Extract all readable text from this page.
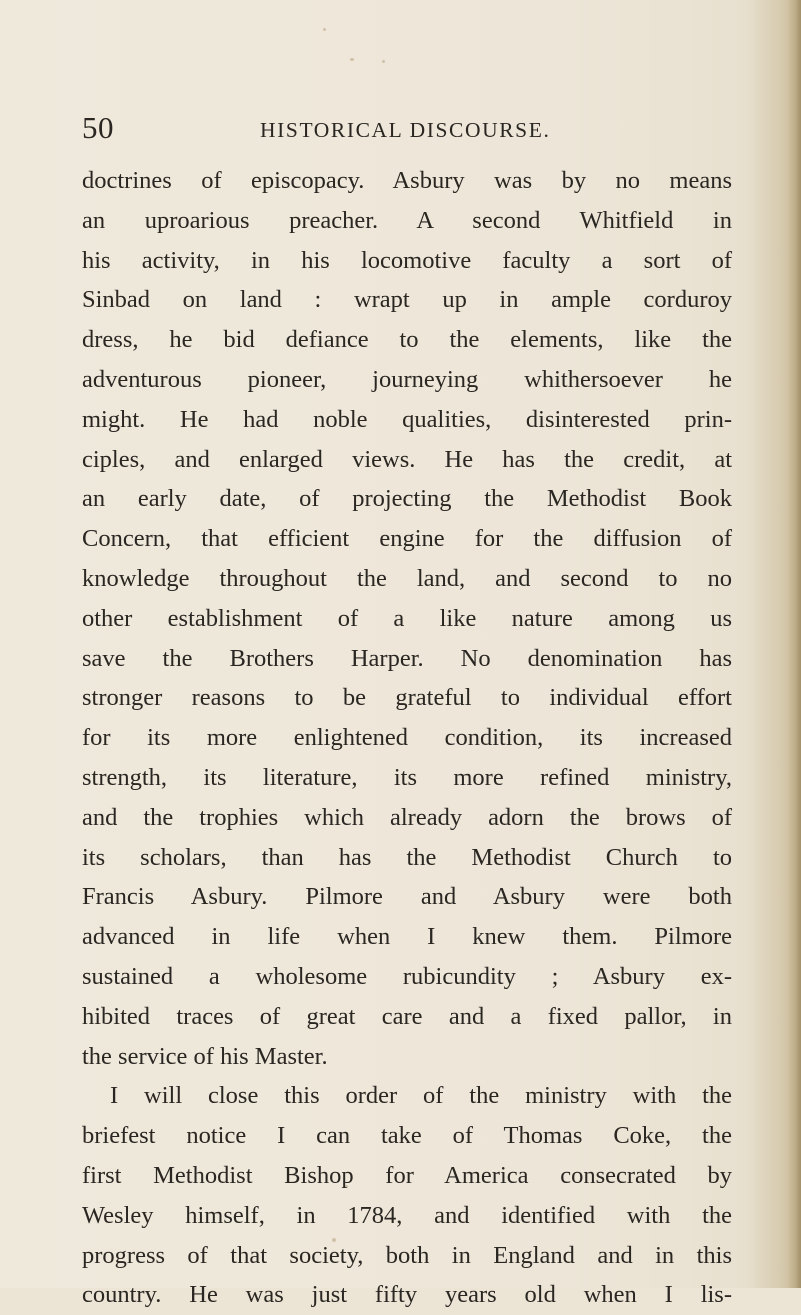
50	HISTORICAL DISCOURSE.
doctrines of episcopacy. Asbury was by no means
an uproarious preacher. A second Whitfield in
his activity, in his locomotive faculty a sort of
Sinbad on land : wrapt up in ample corduroy
dress, he bid defiance to the elements, like the
adventurous pioneer, journeying whithersoever he
might. He had noble qualities, disinterested prin-
ciples, and enlarged views. He has the credit, at
an early date, of projecting the Methodist Book
Concern, that efficient engine for the diffusion of
knowledge throughout the land, and second to no
other establishment of a like nature among us
save the Brothers Harper. No denomination has
stronger reasons to be grateful to individual effort
for its more enlightened condition, its increased
strength, its literature, its more refined ministry,
and the trophies which already adorn the brows of
its scholars, than has the Methodist Church to
Francis Asbury. Pilmore and Asbury were both
advanced in life when I knew them. Pilmore
sustained a wholesome rubicundity ; Asbury ex-
hibited traces of great care and a fixed pallor, in
the service of his Master.
I will close this order of the ministry with the
briefest notice I can take of Thomas Coke, the
first Methodist Bishop for America consecrated by
Wesley himself, in 1784, and identified with the
progress of that society, both in England and in this
country. He was just fifty years old when I lis-
